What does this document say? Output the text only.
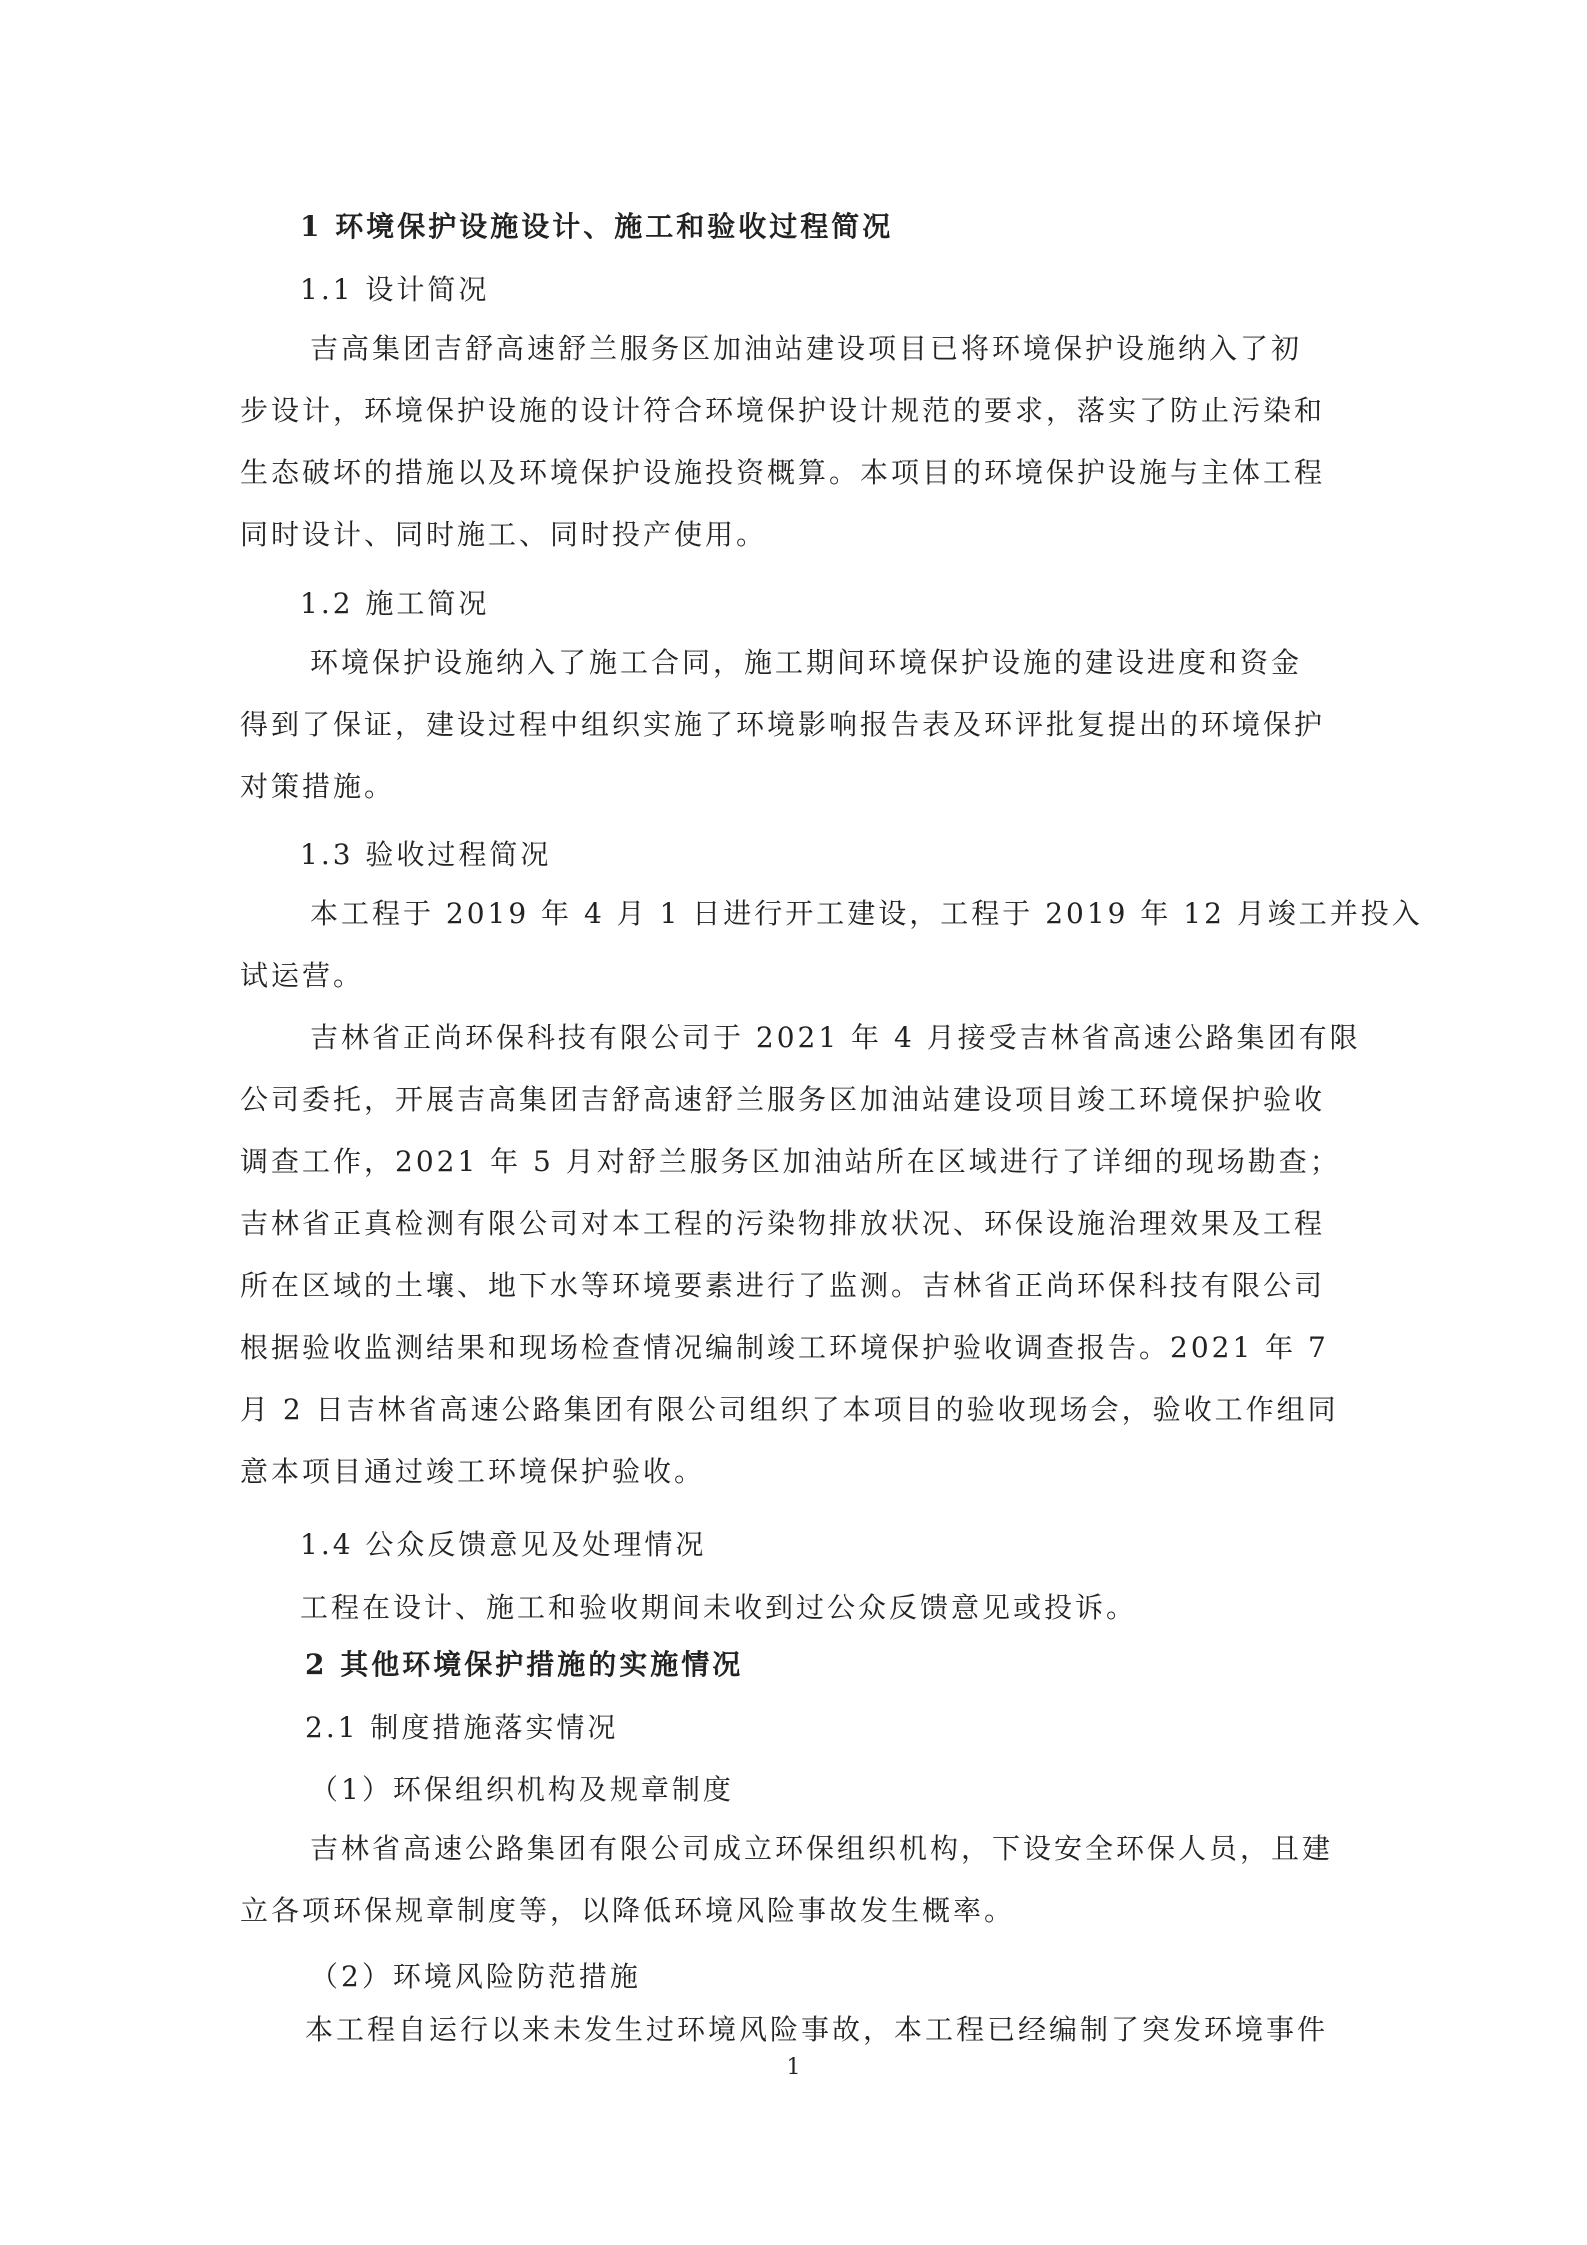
1 环境保护设施设计、施工和验收过程简况
1.1 设计简况
吉高集团吉舒高速舒兰服务区加油站建设项目已将环境保护设施纳入了初
步设计，环境保护设施的设计符合环境保护设计规范的要求，落实了防止污染和
生态破坏的措施以及环境保护设施投资概算。本项目的环境保护设施与主体工程
同时设计、同时施工、同时投产使用。
1.2 施工简况
环境保护设施纳入了施工合同，施工期间环境保护设施的建设进度和资金
得到了保证，建设过程中组织实施了环境影响报告表及环评批复提出的环境保护
对策措施。
1.3 验收过程简况
本工程于 2019 年 4 月 1 日进行开工建设，工程于 2019 年 12 月竣工并投入
试运营。
吉林省正尚环保科技有限公司于 2021 年 4 月接受吉林省高速公路集团有限
公司委托，开展吉高集团吉舒高速舒兰服务区加油站建设项目竣工环境保护验收
调查工作，2021 年 5 月对舒兰服务区加油站所在区域进行了详细的现场勘查；
吉林省正真检测有限公司对本工程的污染物排放状况、环保设施治理效果及工程
所在区域的土壤、地下水等环境要素进行了监测。吉林省正尚环保科技有限公司
根据验收监测结果和现场检查情况编制竣工环境保护验收调查报告。2021 年 7
月 2 日吉林省高速公路集团有限公司组织了本项目的验收现场会，验收工作组同
意本项目通过竣工环境保护验收。
1.4 公众反馈意见及处理情况
工程在设计、施工和验收期间未收到过公众反馈意见或投诉。
2 其他环境保护措施的实施情况
2.1 制度措施落实情况
（1）环保组织机构及规章制度
吉林省高速公路集团有限公司成立环保组织机构，下设安全环保人员，且建
立各项环保规章制度等，以降低环境风险事故发生概率。
（2）环境风险防范措施
本工程自运行以来未发生过环境风险事故，本工程已经编制了突发环境事件
1
